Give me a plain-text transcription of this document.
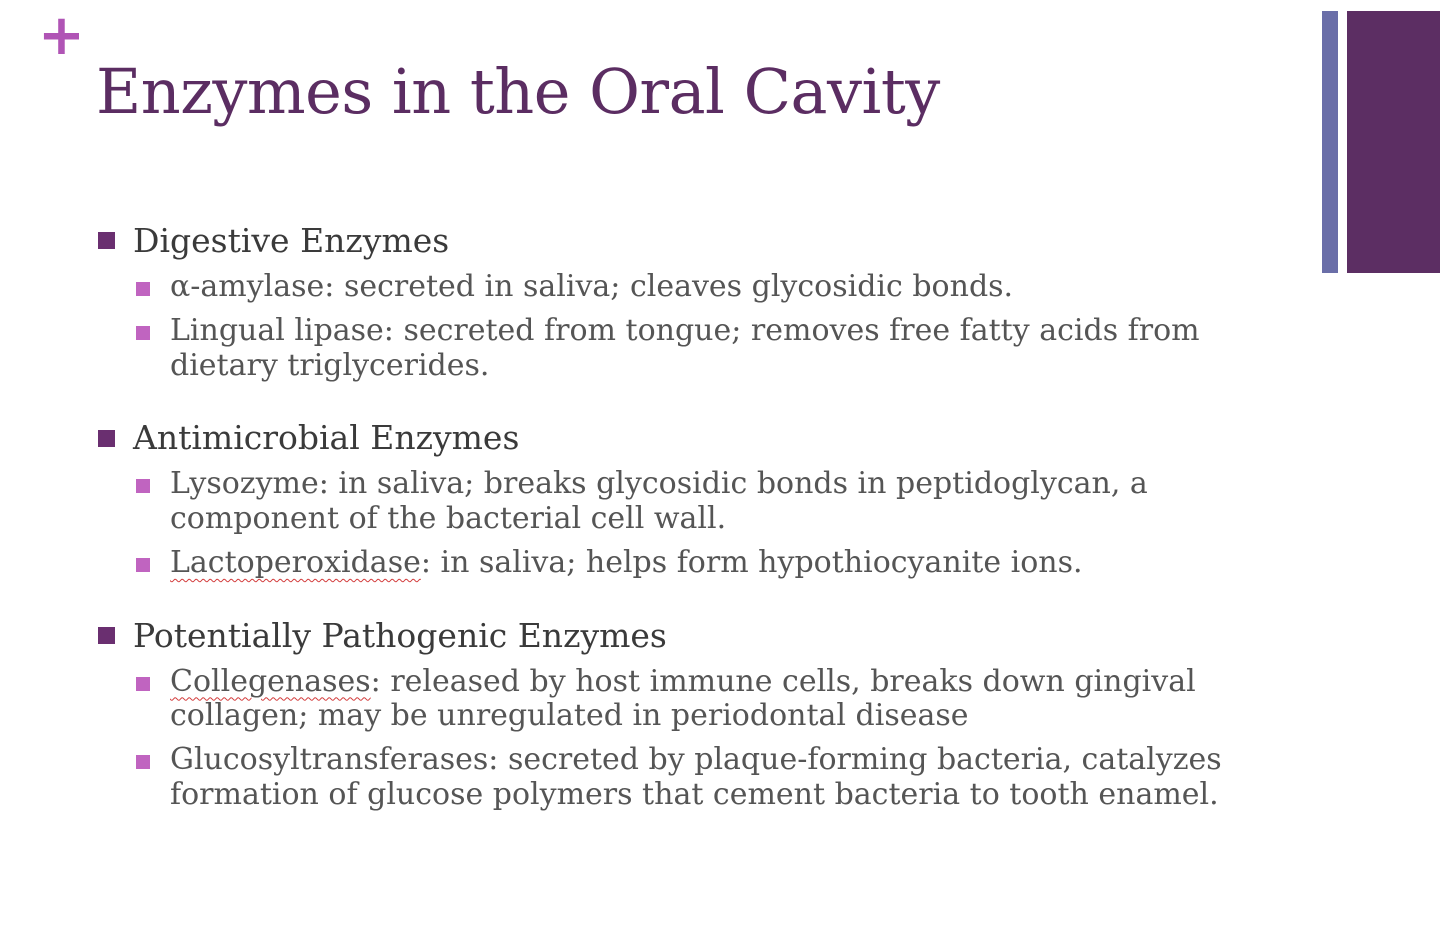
+
Enzymes in the Oral Cavity
Digestive Enzymes
α-amylase: secreted in saliva; cleaves glycosidic bonds.
Lingual lipase: secreted from tongue; removes free fatty acids from dietary triglycerides.
Antimicrobial Enzymes
Lysozyme: in saliva; breaks glycosidic bonds in peptidoglycan, a component of the bacterial cell wall.
Lactoperoxidase: in saliva; helps form hypothiocyanite ions.
Potentially Pathogenic Enzymes
Collegenases: released by host immune cells, breaks down gingival collagen; may be unregulated in periodontal disease
Glucosyltransferases: secreted by plaque-forming bacteria, catalyzes formation of glucose polymers that cement bacteria to tooth enamel.
